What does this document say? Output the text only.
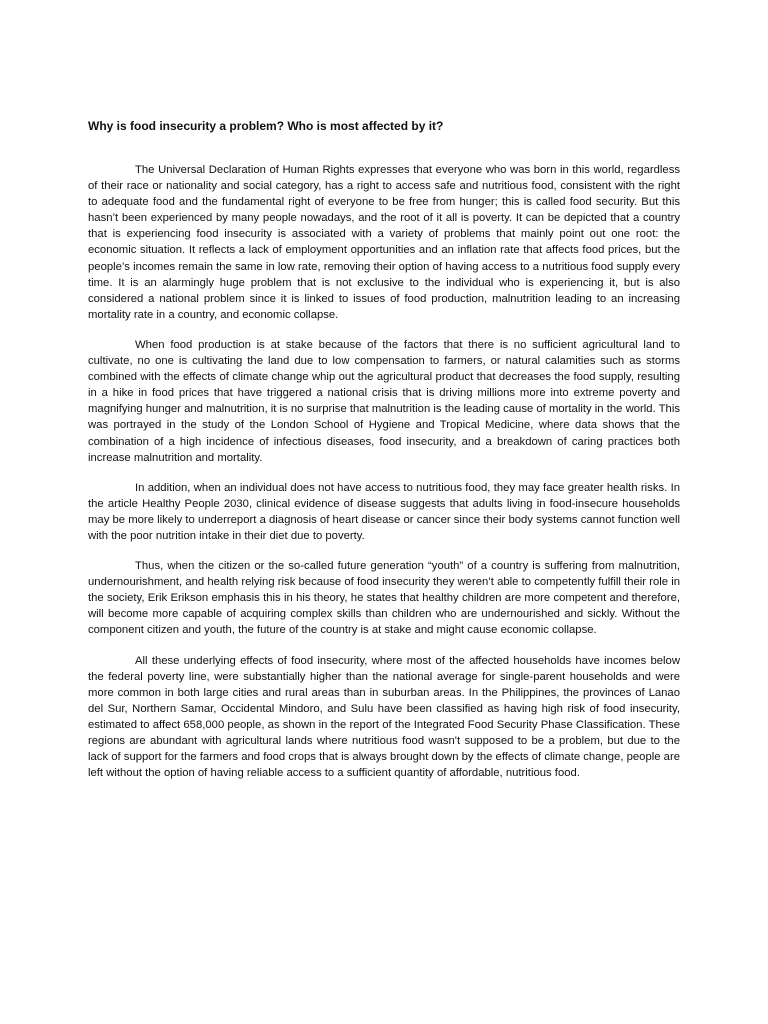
Why is food insecurity a problem? Who is most affected by it?

The Universal Declaration of Human Rights expresses that everyone who was born in this world, regardless of their race or nationality and social category, has a right to access safe and nutritious food, consistent with the right to adequate food and the fundamental right of everyone to be free from hunger; this is called food security. But this hasn’t been experienced by many people nowadays, and the root of it all is poverty. It can be depicted that a country that is experiencing food insecurity is associated with a variety of problems that mainly point out one root: the economic situation. It reflects a lack of employment opportunities and an inflation rate that affects food prices, but the people’s incomes remain the same in low rate, removing their option of having access to a nutritious food supply every time. It is an alarmingly huge problem that is not exclusive to the individual who is experiencing it, but is also considered a national problem since it is linked to issues of food production, malnutrition leading to an increasing mortality rate in a country, and economic collapse.

When food production is at stake because of the factors that there is no sufficient agricultural land to cultivate, no one is cultivating the land due to low compensation to farmers, or natural calamities such as storms combined with the effects of climate change whip out the agricultural product that decreases the food supply, resulting in a hike in food prices that have triggered a national crisis that is driving millions more into extreme poverty and magnifying hunger and malnutrition, it is no surprise that malnutrition is the leading cause of mortality in the world. This was portrayed in the study of the London School of Hygiene and Tropical Medicine, where data shows that the combination of a high incidence of infectious diseases, food insecurity, and a breakdown of caring practices both increase malnutrition and mortality.

In addition, when an individual does not have access to nutritious food, they may face greater health risks. In the article Healthy People 2030, clinical evidence of disease suggests that adults living in food-insecure households may be more likely to underreport a diagnosis of heart disease or cancer since their body systems cannot function well with the poor nutrition intake in their diet due to poverty.

Thus, when the citizen or the so-called future generation “youth” of a country is suffering from malnutrition, undernourishment, and health relying risk because of food insecurity they weren’t able to competently fulfill their role in the society, Erik Erikson emphasis this in his theory, he states that healthy children are more competent and therefore, will become more capable of acquiring complex skills than children who are undernourished and sickly. Without the component citizen and youth, the future of the country is at stake and might cause economic collapse.

All these underlying effects of food insecurity, where most of the affected households have incomes below the federal poverty line, were substantially higher than the national average for single-parent households and were more common in both large cities and rural areas than in suburban areas. In the Philippines, the provinces of Lanao del Sur, Northern Samar, Occidental Mindoro, and Sulu have been classified as having high risk of food insecurity, estimated to affect 658,000 people, as shown in the report of the Integrated Food Security Phase Classification. These regions are abundant with agricultural lands where nutritious food wasn't supposed to be a problem, but due to the lack of support for the farmers and food crops that is always brought down by the effects of climate change, people are left without the option of having reliable access to a sufficient quantity of affordable, nutritious food.
